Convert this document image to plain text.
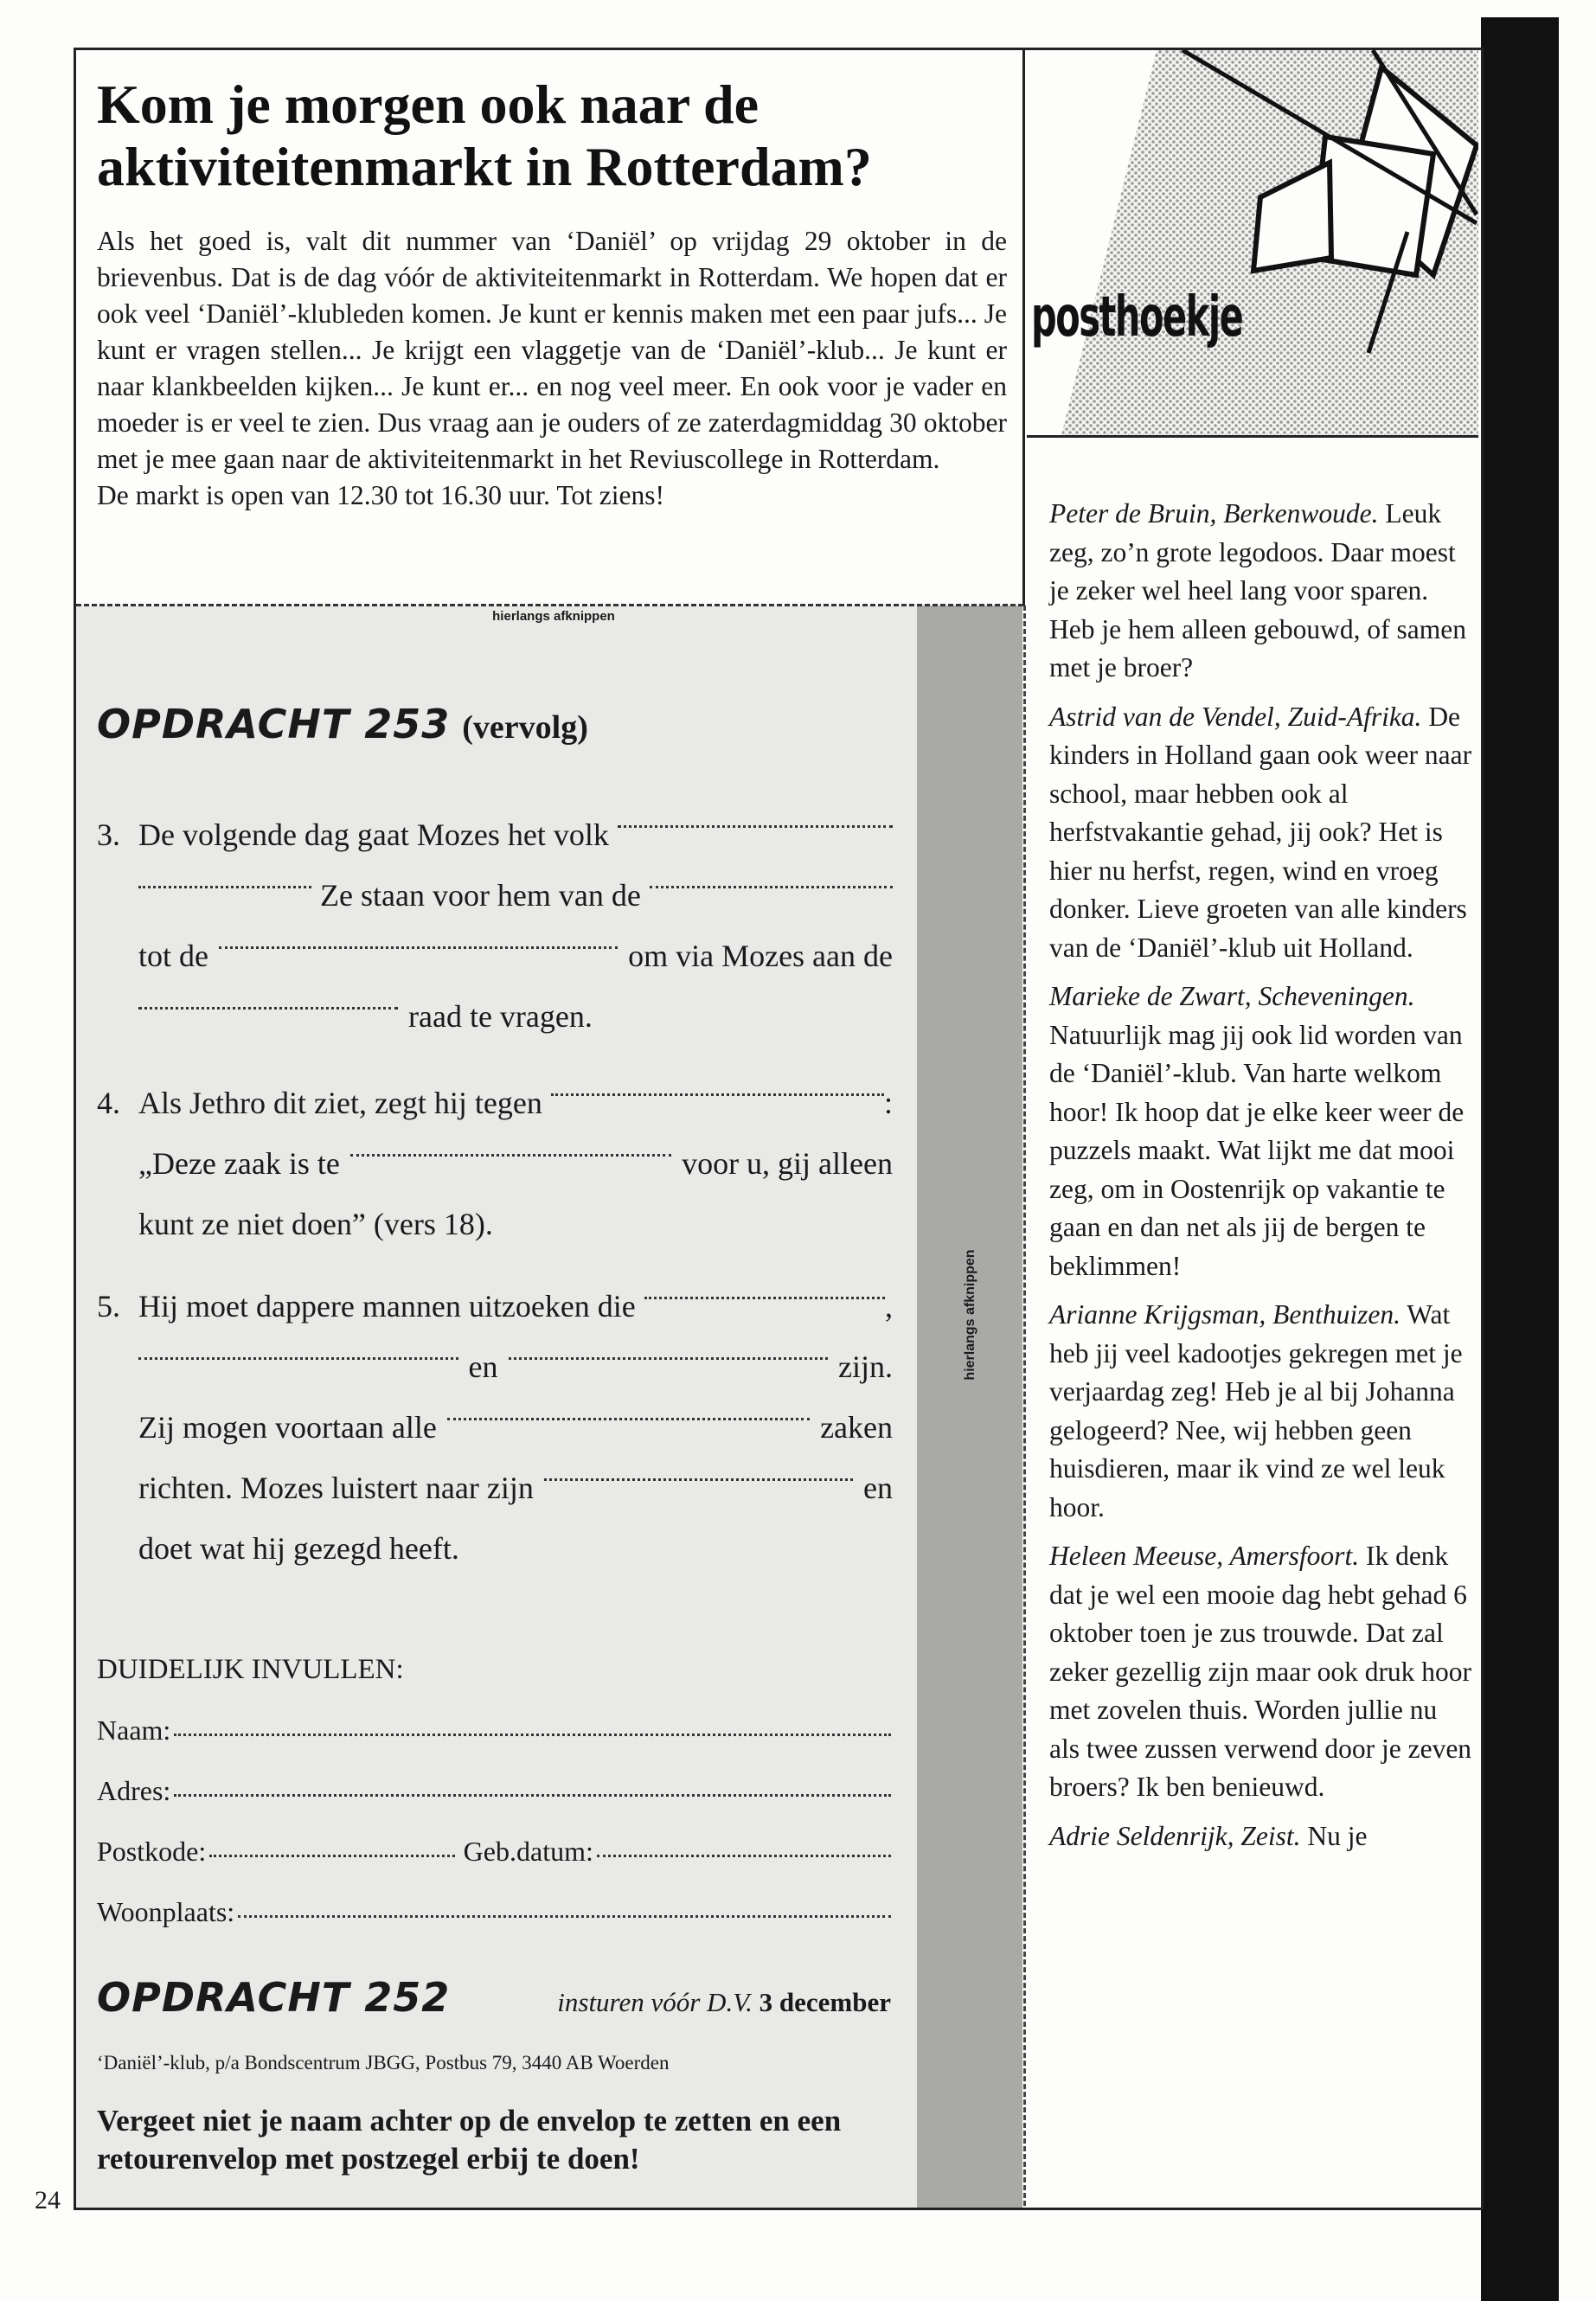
Kom je morgen ook naar de aktiviteitenmarkt in Rotterdam?

Als het goed is, valt dit nummer van ‘Daniël’ op vrijdag 29 oktober in de brievenbus. Dat is de dag vóór de aktiviteitenmarkt in Rotterdam. We hopen dat er ook veel ‘Daniël’-klubleden komen. Je kunt er kennis maken met een paar jufs... Je kunt er vragen stellen... Je krijgt een vlaggetje van de ‘Daniël’-klub... Je kunt er naar klankbeelden kijken... Je kunt er... en nog veel meer. En ook voor je vader en moeder is er veel te zien. Dus vraag aan je ouders of ze zaterdagmiddag 30 oktober met je mee gaan naar de aktiviteitenmarkt in het Reviuscollege in Rotterdam.

De markt is open van 12.30 tot 16.30 uur. Tot ziens!

hierlangs afknippen
hierlangs afknippen
OPDRACHT 253 (vervolg)
3. De volgende dag gaat Mozes het volk
Ze staan voor hem van de
tot de	om via Mozes aan de
raad te vragen.
4. Als Jethro dit ziet, zegt hij tegen	:
„Deze zaak is te	voor u, gij alleen
kunt ze niet doen” (vers 18).
5. Hij moet dappere mannen uitzoeken die	,
en	zijn.
Zij mogen voortaan alle	zaken
richten. Mozes luistert naar zijn	en
doet wat hij gezegd heeft.
DUIDELIJK INVULLEN:
Naam:
Adres:
Postkode:	Geb.datum:
Woonplaats:
OPDRACHT 252	insturen vóór D.V. 3 december
‘Daniël’-klub, p/a Bondscentrum JBGG, Postbus 79, 3440 AB Woerden
Vergeet niet je naam achter op de envelop te zetten en een retourenvelop met postzegel erbij te doen!
posthoekje

Peter de Bruin, Berkenwoude. Leuk zeg, zo’n grote legodoos. Daar moest je zeker wel heel lang voor sparen. Heb je hem alleen gebouwd, of samen met je broer?

Astrid van de Vendel, Zuid-Afrika. De kinders in Holland gaan ook weer naar school, maar hebben ook al herfstvakantie gehad, jij ook? Het is hier nu herfst, regen, wind en vroeg donker. Lieve groeten van alle kinders van de ‘Daniël’-klub uit Holland.

Marieke de Zwart, Scheveningen. Natuurlijk mag jij ook lid worden van de ‘Daniël’-klub. Van harte welkom hoor! Ik hoop dat je elke keer weer de puzzels maakt. Wat lijkt me dat mooi zeg, om in Oostenrijk op vakantie te gaan en dan net als jij de bergen te beklimmen!

Arianne Krijgsman, Benthuizen. Wat heb jij veel kadootjes gekregen met je verjaardag zeg! Heb je al bij Johanna gelogeerd? Nee, wij hebben geen huisdieren, maar ik vind ze wel leuk hoor.

Heleen Meeuse, Amersfoort. Ik denk dat je wel een mooie dag hebt gehad 6 oktober toen je zus trouwde. Dat zal zeker gezellig zijn maar ook druk hoor met zovelen thuis. Worden jullie nu als twee zussen verwend door je zeven broers? Ik ben benieuwd.

Adrie Seldenrijk, Zeist. Nu je

24
